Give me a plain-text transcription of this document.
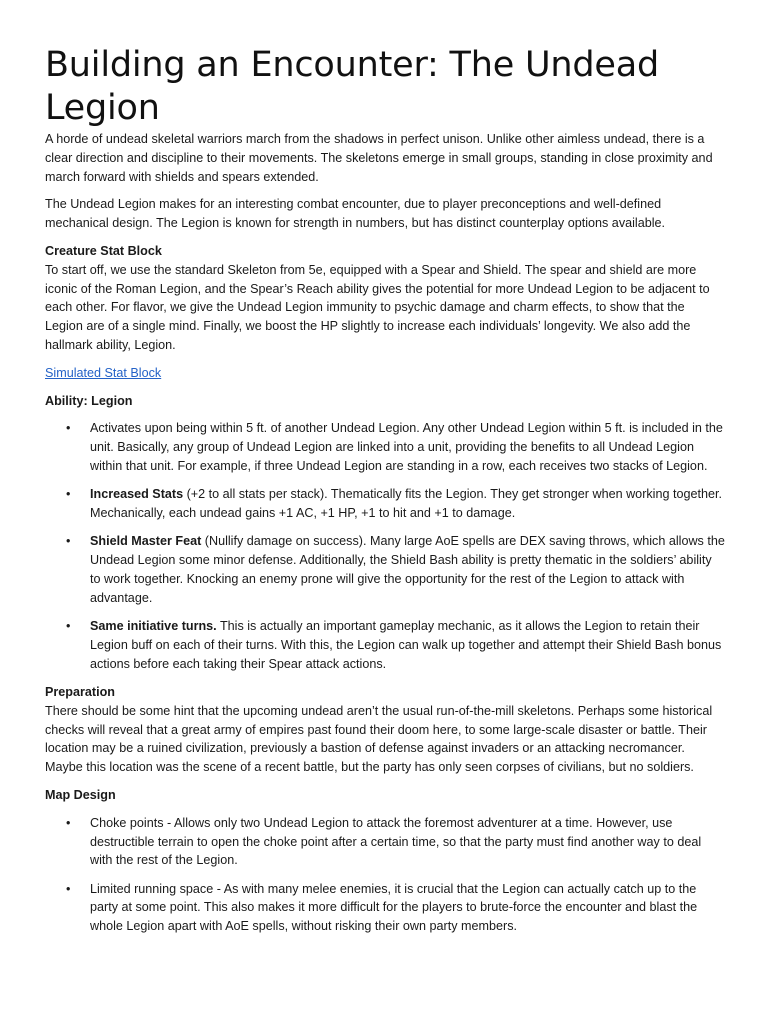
Building an Encounter: The Undead Legion

A horde of undead skeletal warriors march from the shadows in perfect unison. Unlike other aimless undead, there is a clear direction and discipline to their movements. The skeletons emerge in small groups, standing in close proximity and march forward with shields and spears extended.

The Undead Legion makes for an interesting combat encounter, due to player preconceptions and well-defined mechanical design. The Legion is known for strength in numbers, but has distinct counterplay options available.

Creature Stat Block

To start off, we use the standard Skeleton from 5e, equipped with a Spear and Shield. The spear and shield are more iconic of the Roman Legion, and the Spear’s Reach ability gives the potential for more Undead Legion to be adjacent to each other. For flavor, we give the Undead Legion immunity to psychic damage and charm effects, to show that the Legion are of a single mind. Finally, we boost the HP slightly to increase each individuals’ longevity. We also add the hallmark ability, Legion.

Simulated Stat Block

Ability: Legion

• Activates upon being within 5 ft. of another Undead Legion. Any other Undead Legion within 5 ft. is included in the unit. Basically, any group of Undead Legion are linked into a unit, providing the benefits to all Undead Legion within that unit. For example, if three Undead Legion are standing in a row, each receives two stacks of Legion.
• Increased Stats (+2 to all stats per stack). Thematically fits the Legion. They get stronger when working together. Mechanically, each undead gains +1 AC, +1 HP, +1 to hit and +1 to damage.
• Shield Master Feat (Nullify damage on success). Many large AoE spells are DEX saving throws, which allows the Undead Legion some minor defense. Additionally, the Shield Bash ability is pretty thematic in the soldiers’ ability to work together. Knocking an enemy prone will give the opportunity for the rest of the Legion to attack with advantage.
• Same initiative turns. This is actually an important gameplay mechanic, as it allows the Legion to retain their Legion buff on each of their turns. With this, the Legion can walk up together and attempt their Shield Bash bonus actions before each taking their Spear attack actions.

Preparation

There should be some hint that the upcoming undead aren’t the usual run-of-the-mill skeletons. Perhaps some historical checks will reveal that a great army of empires past found their doom here, to some large-scale disaster or battle. Their location may be a ruined civilization, previously a bastion of defense against invaders or an attacking necromancer. Maybe this location was the scene of a recent battle, but the party has only seen corpses of civilians, but no soldiers.

Map Design

• Choke points - Allows only two Undead Legion to attack the foremost adventurer at a time. However, use destructible terrain to open the choke point after a certain time, so that the party must find another way to deal with the rest of the Legion.
• Limited running space - As with many melee enemies, it is crucial that the Legion can actually catch up to the party at some point. This also makes it more difficult for the players to brute-force the encounter and blast the whole Legion apart with AoE spells, without risking their own party members.
